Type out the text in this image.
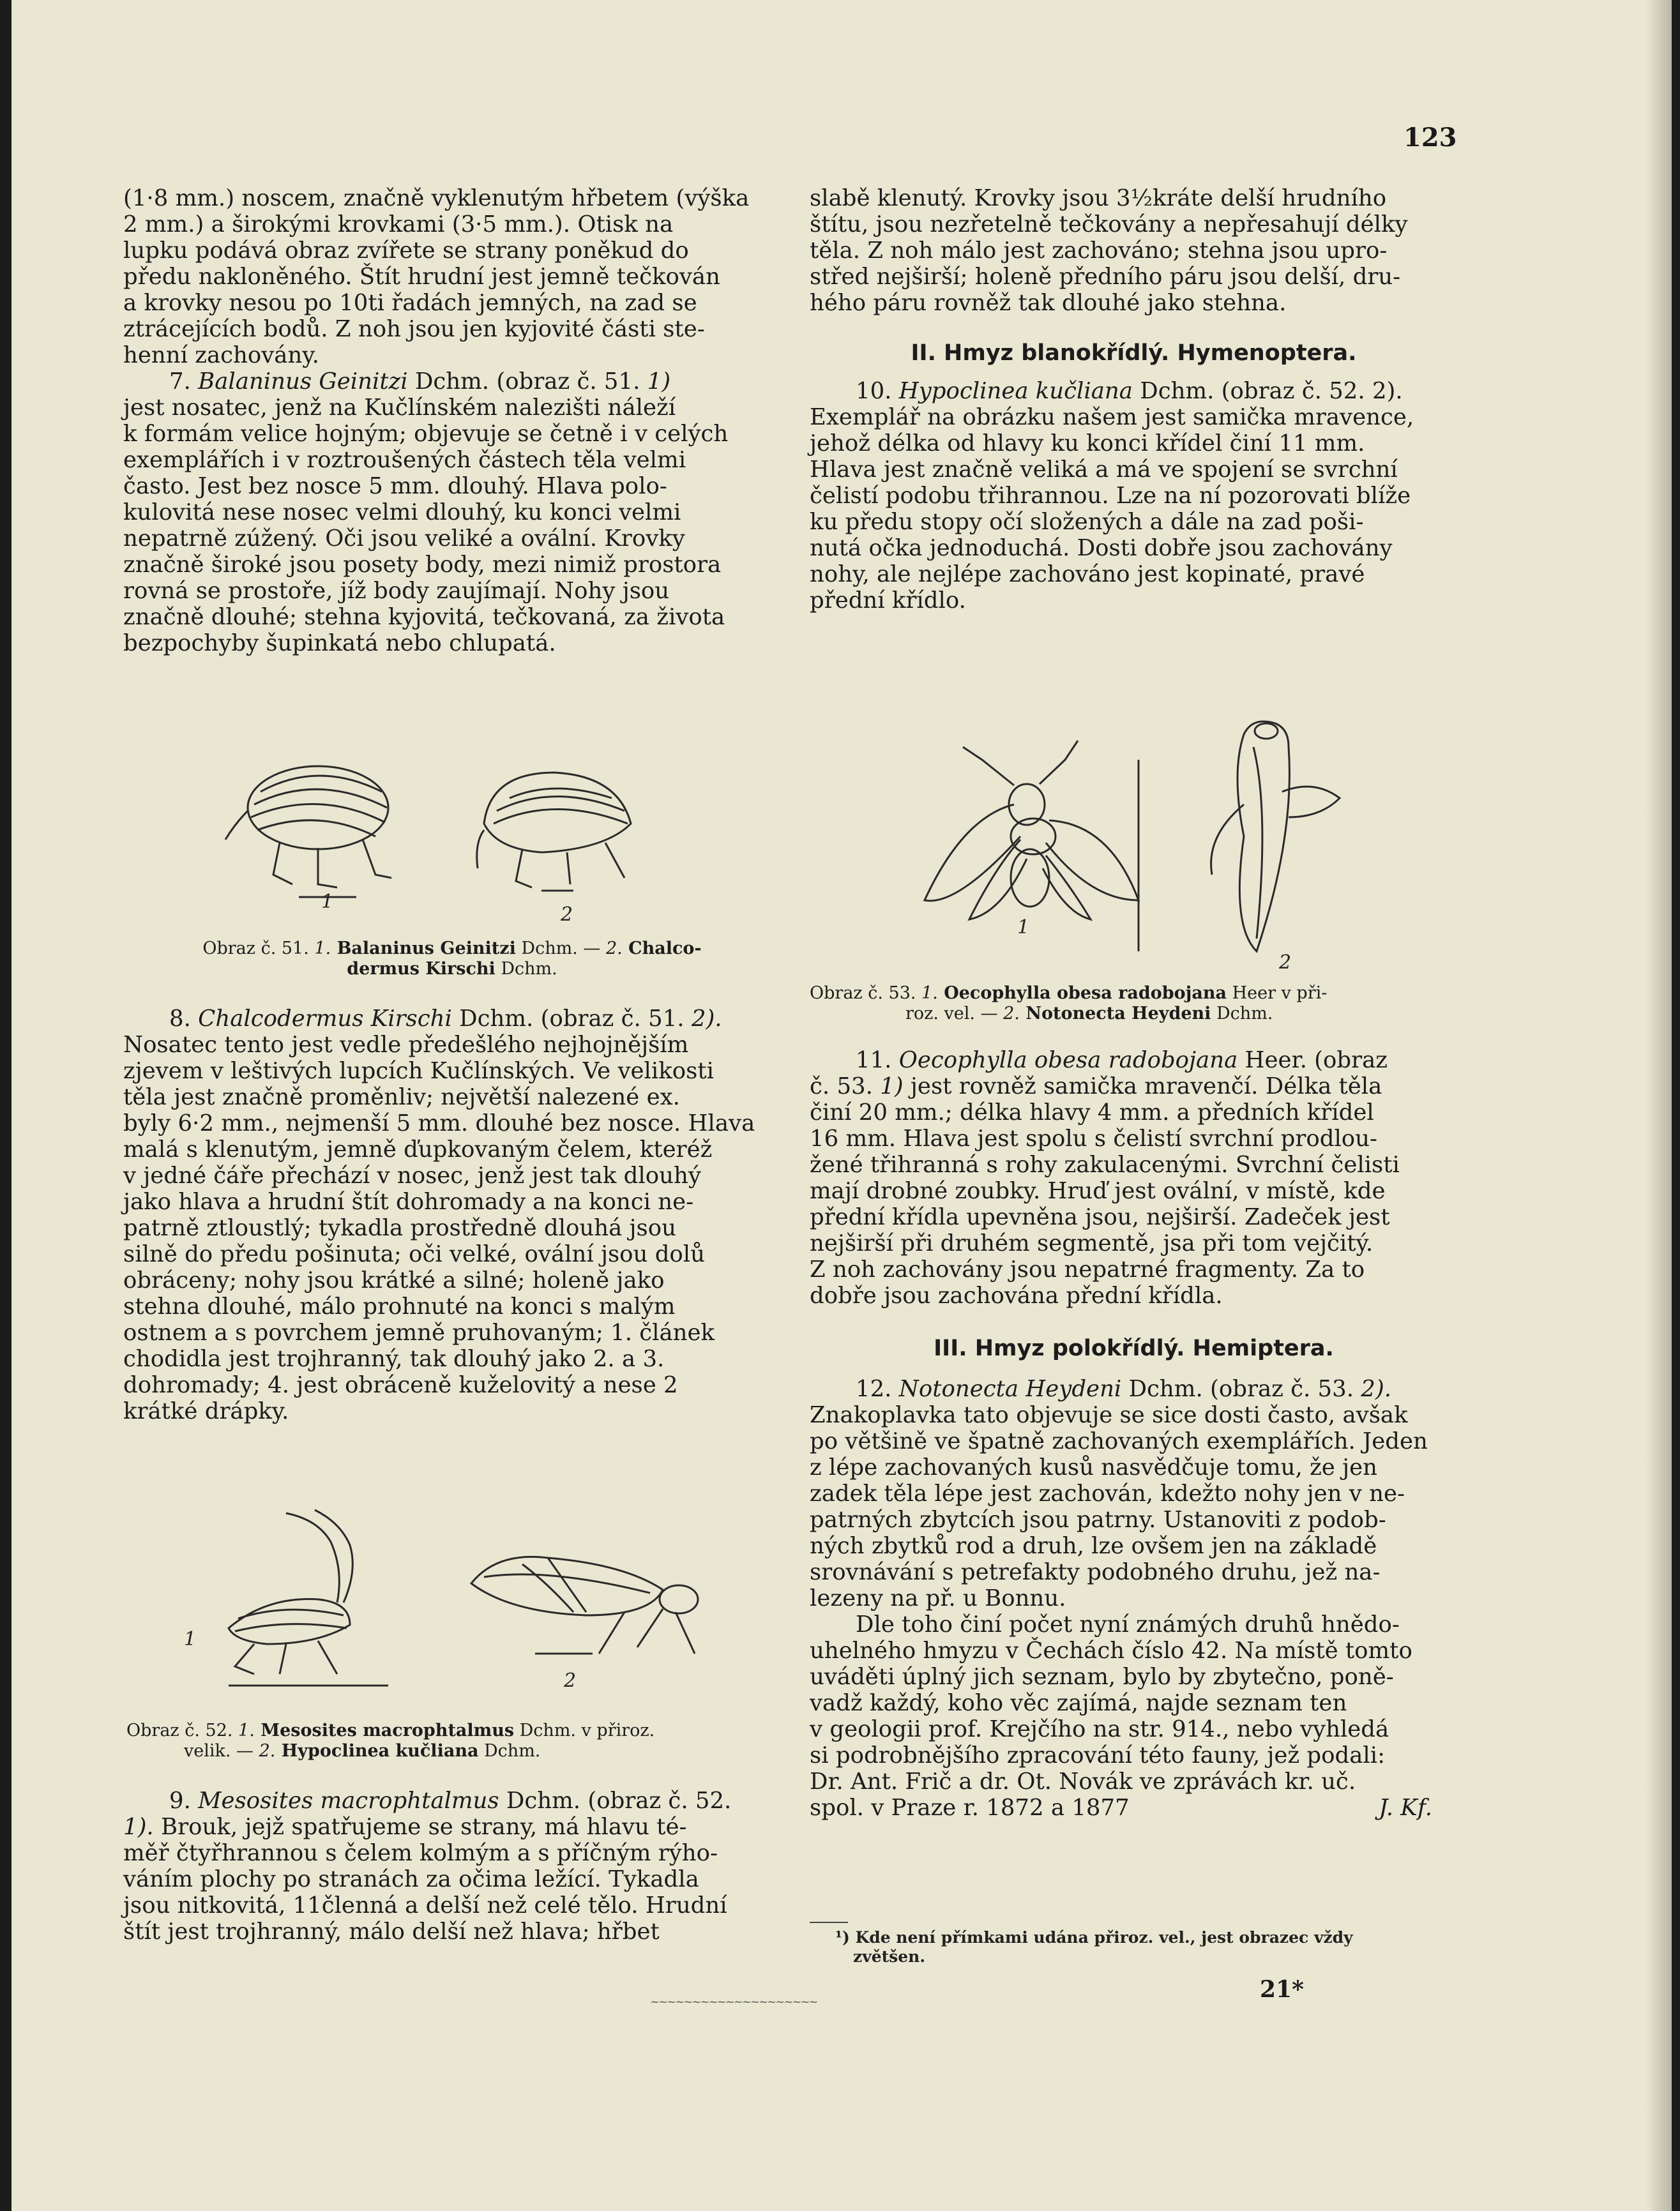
123

(1·8 mm.) noscem, značně vyklenutým hřbetem (výška
2 mm.) a širokými krovkami (3·5 mm.). Otisk na
lupku podává obraz zvířete se strany poněkud do
předu nakloněného. Štít hrudní jest jemně tečkován
a krovky nesou po 10ti řadách jemných, na zad se
ztrácejících bodů. Z noh jsou jen kyjovité části ste-
henní zachovány.

7. Balaninus Geinitzi Dchm. (obraz č. 51. 1)
jest nosatec, jenž na Kučlínském nalezišti náleží
k formám velice hojným; objevuje se četně i v celých
exemplářích i v roztroušených částech těla velmi
často. Jest bez nosce 5 mm. dlouhý. Hlava polo-
kulovitá nese nosec velmi dlouhý, ku konci velmi
nepatrně zúžený. Oči jsou veliké a ovální. Krovky
značně široké jsou posety body, mezi nimiž prostora
rovná se prostoře, jíž body zaujímají. Nohy jsou
značně dlouhé; stehna kyjovitá, tečkovaná, za života
bezpochyby šupinkatá nebo chlupatá.

1
2
Obraz č. 51. 1. Balaninus Geinitzi Dchm. — 2. Chalco-
dermus Kirschi Dchm.

8. Chalcodermus Kirschi Dchm. (obraz č. 51. 2).
Nosatec tento jest vedle předešlého nejhojnějším
zjevem v leštivých lupcích Kučlínských. Ve velikosti
těla jest značně proměnliv; největší nalezené ex.
byly 6·2 mm., nejmenší 5 mm. dlouhé bez nosce. Hlava
malá s klenutým, jemně ďupkovaným čelem, kteréž
v jedné čáře přechází v nosec, jenž jest tak dlouhý
jako hlava a hrudní štít dohromady a na konci ne-
patrně ztloustlý; tykadla prostředně dlouhá jsou
silně do předu pošinuta; oči velké, ovální jsou dolů
obráceny; nohy jsou krátké a silné; holeně jako
stehna dlouhé, málo prohnuté na konci s malým
ostnem a s povrchem jemně pruhovaným; 1. článek
chodidla jest trojhranný, tak dlouhý jako 2. a 3.
dohromady; 4. jest obráceně kuželovitý a nese 2
krátké drápky.

1
2
Obraz č. 52. 1. Mesosites macrophtalmus Dchm. v přiroz.
velik. — 2. Hypoclinea kučliana Dchm.

9. Mesosites macrophtalmus Dchm. (obraz č. 52.
1). Brouk, jejž spatřujeme se strany, má hlavu té-
měř čtyřhrannou s čelem kolmým a s příčným rýho-
váním plochy po stranách za očima ležící. Tykadla
jsou nitkovitá, 11členná a delší než celé tělo. Hrudní
štít jest trojhranný, málo delší než hlava; hřbet

slabě klenutý. Krovky jsou 3½kráte delší hrudního
štítu, jsou nezřetelně tečkovány a nepřesahují délky
těla. Z noh málo jest zachováno; stehna jsou upro-
střed nejširší; holeně předního páru jsou delší, dru-
hého páru rovněž tak dlouhé jako stehna.

II. Hmyz blanokřídlý. Hymenoptera.

10. Hypoclinea kučliana Dchm. (obraz č. 52. 2).
Exemplář na obrázku našem jest samička mravence,
jehož délka od hlavy ku konci křídel činí 11 mm.
Hlava jest značně veliká a má ve spojení se svrchní
čelistí podobu třihrannou. Lze na ní pozorovati blíže
ku předu stopy očí složených a dále na zad poši-
nutá očka jednoduchá. Dosti dobře jsou zachovány
nohy, ale nejlépe zachováno jest kopinaté, pravé
přední křídlo.

1
2
Obraz č. 53. 1. Oecophylla obesa radobojana Heer v při-
roz. vel. — 2. Notonecta Heydeni Dchm.

11. Oecophylla obesa radobojana Heer. (obraz
č. 53. 1) jest rovněž samička mravenčí. Délka těla
činí 20 mm.; délka hlavy 4 mm. a předních křídel
16 mm. Hlava jest spolu s čelistí svrchní prodlou-
žené třihranná s rohy zakulacenými. Svrchní čelisti
mají drobné zoubky. Hruď jest ovální, v místě, kde
přední křídla upevněna jsou, nejširší. Zadeček jest
nejširší při druhém segmentě, jsa při tom vejčitý.
Z noh zachovány jsou nepatrné fragmenty. Za to
dobře jsou zachována přední křídla.

III. Hmyz polokřídlý. Hemiptera.

12. Notonecta Heydeni Dchm. (obraz č. 53. 2).
Znakoplavka tato objevuje se sice dosti často, avšak
po většině ve špatně zachovaných exemplářích. Jeden
z lépe zachovaných kusů nasvědčuje tomu, že jen
zadek těla lépe jest zachován, kdežto nohy jen v ne-
patrných zbytcích jsou patrny. Ustanoviti z podob-
ných zbytků rod a druh, lze ovšem jen na základě
srovnávání s petrefakty podobného druhu, jež na-
lezeny na př. u Bonnu.

Dle toho činí počet nyní známých druhů hnědo-
uhelného hmyzu v Čechách číslo 42. Na místě tomto
uváděti úplný jich seznam, bylo by zbytečno, poně-
vadž každý, koho věc zajímá, najde seznam ten
v geologii prof. Krejčího na str. 914., nebo vyhledá
si podrobnějšího zpracování této fauny, jež podali:
Dr. Ant. Frič a dr. Ot. Novák ve zprávách kr. uč.
spol. v Praze r. 1872 a 1877	J. Kf.

¹) Kde není přímkami udána přiroz. vel., jest obrazec vždy
zvětšen.
21*
~~~~~~~~~~~~~~~~~~~~
